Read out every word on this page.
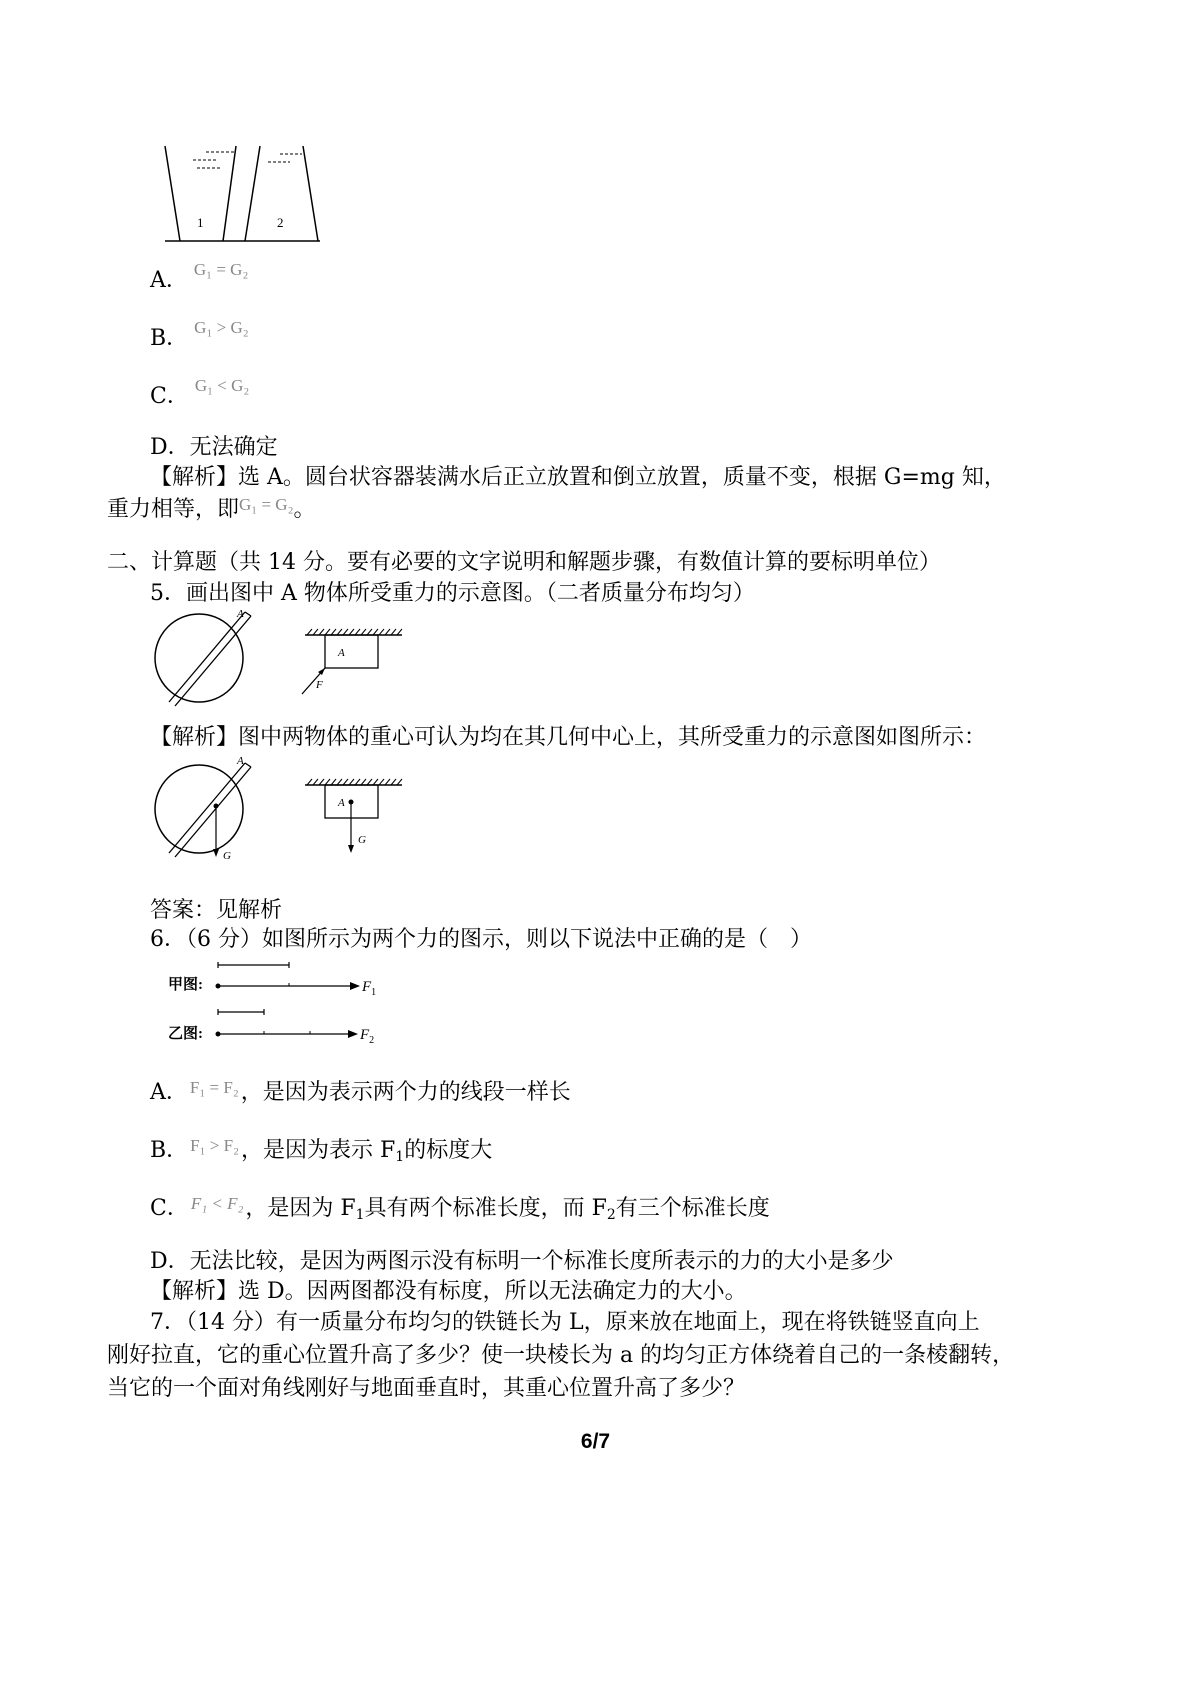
1	2
A． $^{G_1 = G_2}$
B． $^{G_1 > G_2}$
C． $^{G_1 < G_2}$
D．无法确定
【解析】选 A。圆台状容器装满水后正立放置和倒立放置，质量不变，根据 G=mg 知，
重力相等，即$^{G_1 = G_2}$。
二、计算题（共 14 分。要有必要的文字说明和解题步骤，有数值计算的要标明单位）
5．画出图中 A 物体所受重力的示意图。（二者质量分布均匀）
A
A
F
【解析】图中两物体的重心可认为均在其几何中心上，其所受重力的示意图如图所示：
A
G
A
G
答案：见解析
6．（6 分）如图所示为两个力的图示，则以下说法中正确的是（　）
甲图:	$F_1$
乙图:	$F_2$
A． $^{F_1 = F_2}$，是因为表示两个力的线段一样长
B． $^{F_1 > F_2}$，是因为表示 $F_1$的标度大
C． $^{F_1 < F_2}$，是因为 $F_1$具有两个标准长度，而 $F_2$有三个标准长度
D．无法比较，是因为两图示没有标明一个标准长度所表示的力的大小是多少
【解析】选 D。因两图都没有标度，所以无法确定力的大小。
7．（14 分）有一质量分布均匀的铁链长为 L，原来放在地面上，现在将铁链竖直向上
刚好拉直，它的重心位置升高了多少？使一块棱长为 a 的均匀正方体绕着自己的一条棱翻转，
当它的一个面对角线刚好与地面垂直时，其重心位置升高了多少？
6/7
